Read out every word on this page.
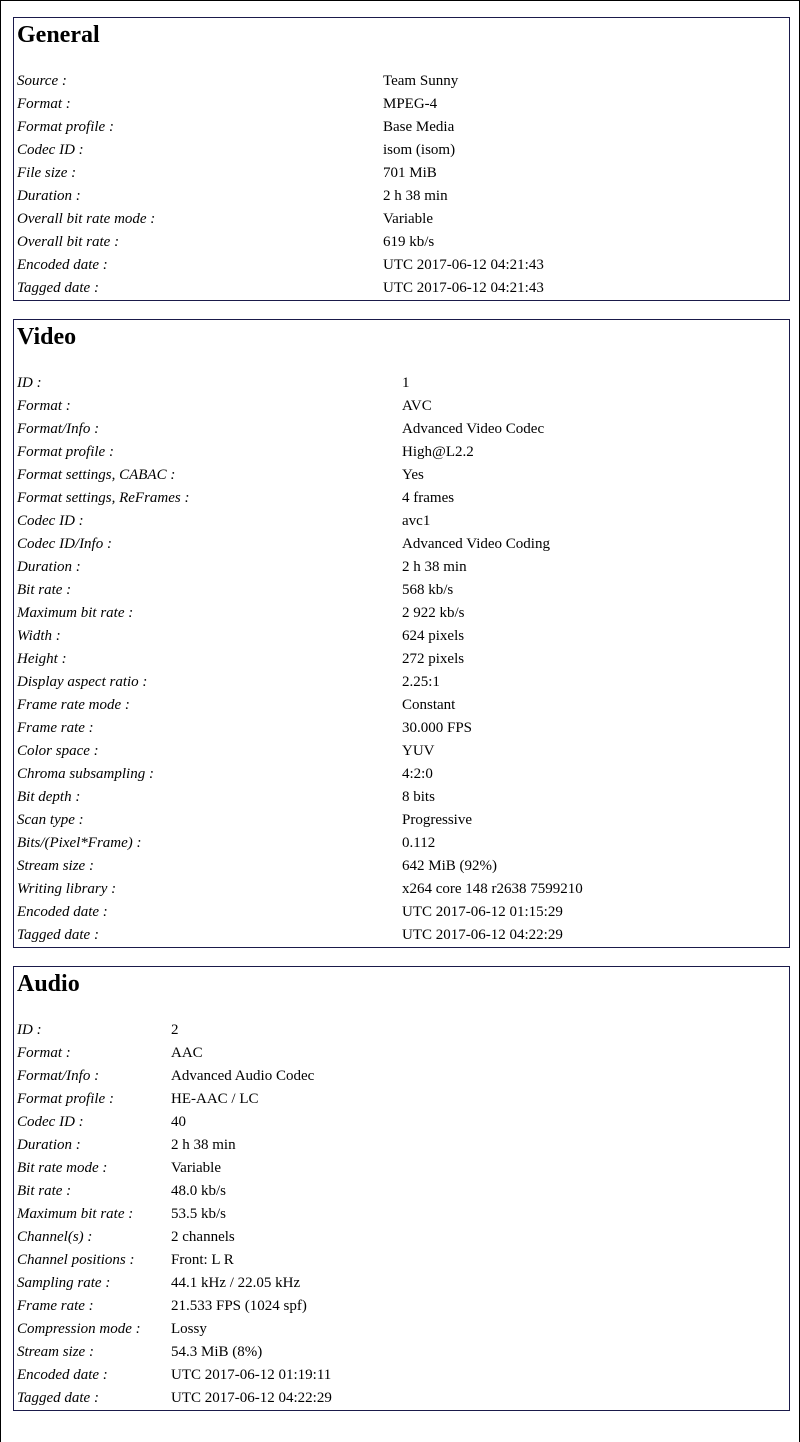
General
Source :	Team Sunny
Format :	MPEG-4
Format profile :	Base Media
Codec ID :	isom (isom)
File size :	701 MiB
Duration :	2 h 38 min
Overall bit rate mode :	Variable
Overall bit rate :	619 kb/s
Encoded date :	UTC 2017-06-12 04:21:43
Tagged date :	UTC 2017-06-12 04:21:43
Video
ID :	1
Format :	AVC
Format/Info :	Advanced Video Codec
Format profile :	High@L2.2
Format settings, CABAC :	Yes
Format settings, ReFrames :	4 frames
Codec ID :	avc1
Codec ID/Info :	Advanced Video Coding
Duration :	2 h 38 min
Bit rate :	568 kb/s
Maximum bit rate :	2 922 kb/s
Width :	624 pixels
Height :	272 pixels
Display aspect ratio :	2.25:1
Frame rate mode :	Constant
Frame rate :	30.000 FPS
Color space :	YUV
Chroma subsampling :	4:2:0
Bit depth :	8 bits
Scan type :	Progressive
Bits/(Pixel*Frame) :	0.112
Stream size :	642 MiB (92%)
Writing library :	x264 core 148 r2638 7599210
Encoded date :	UTC 2017-06-12 01:15:29
Tagged date :	UTC 2017-06-12 04:22:29
Audio
ID :	2
Format :	AAC
Format/Info :	Advanced Audio Codec
Format profile :	HE-AAC / LC
Codec ID :	40
Duration :	2 h 38 min
Bit rate mode :	Variable
Bit rate :	48.0 kb/s
Maximum bit rate :	53.5 kb/s
Channel(s) :	2 channels
Channel positions : Front: L R
Sampling rate :	44.1 kHz / 22.05 kHz
Frame rate :	21.533 FPS (1024 spf)
Compression mode : Lossy
Stream size :	54.3 MiB (8%)
Encoded date :	UTC 2017-06-12 01:19:11
Tagged date :	UTC 2017-06-12 04:22:29
